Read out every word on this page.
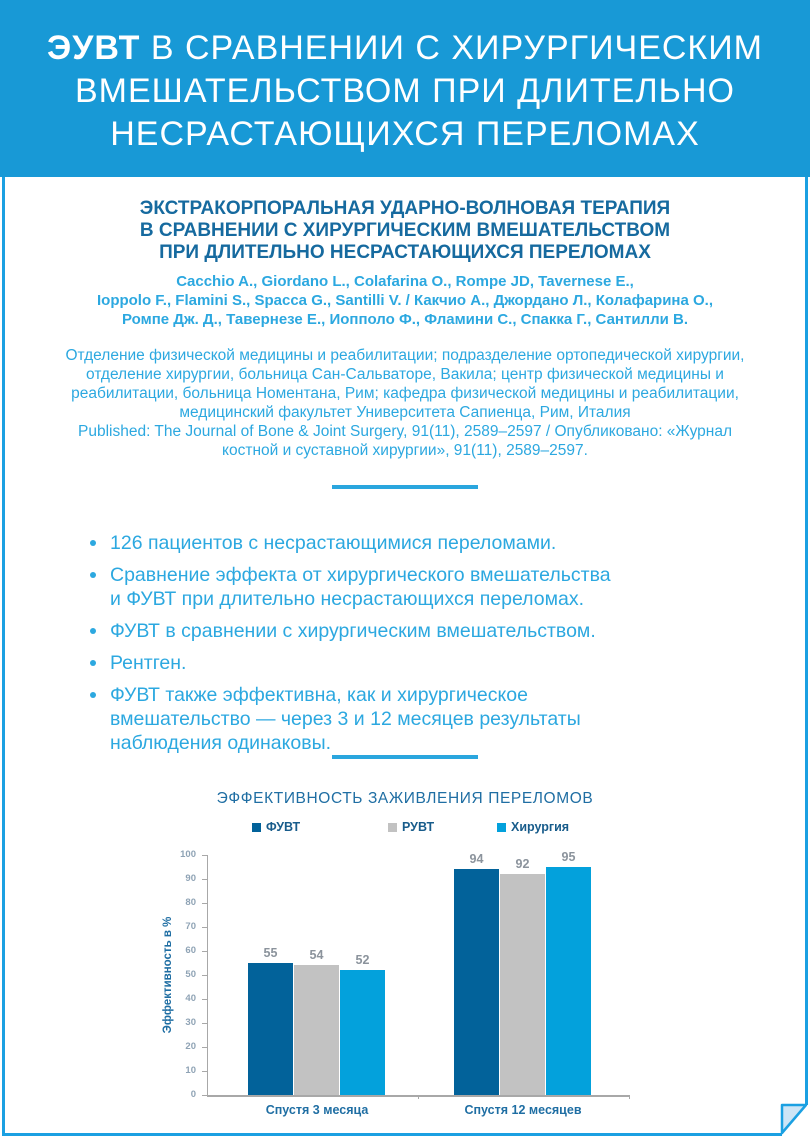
ЭУВТ В СРАВНЕНИИ С ХИРУРГИЧЕСКИМ
ВМЕШАТЕЛЬСТВОМ ПРИ ДЛИТЕЛЬНО
НЕСРАСТАЮЩИХСЯ ПЕРЕЛОМАХ
ЭКСТРАКОРПОРАЛЬНАЯ УДАРНО-ВОЛНОВАЯ ТЕРАПИЯ
В СРАВНЕНИИ С ХИРУРГИЧЕСКИМ ВМЕШАТЕЛЬСТВОМ
ПРИ ДЛИТЕЛЬНО НЕСРАСТАЮЩИХСЯ ПЕРЕЛОМАХ
Cacchio A., Giordano L., Colafarina O., Rompe JD, Tavernese E.,
Ioppolo F., Flamini S., Spacca G., Santilli V. / Какчио А., Джордано Л., Колафарина О.,
Ромпе Дж. Д., Тавернезе Е., Иопполо Ф., Фламини С., Спакка Г., Сантилли В.
Отделение физической медицины и реабилитации; подразделение ортопедической хирургии,
отделение хирургии, больница Сан-Сальваторе, Вакила; центр физической медицины и
реабилитации, больница Номентана, Рим; кафедра физической медицины и реабилитации,
медицинский факультет Университета Сапиенца, Рим, Италия
Published: The Journal of Bone & Joint Surgery, 91(11), 2589–2597 / Опубликовано: «Журнал
костной и суставной хирургии», 91(11), 2589–2597.
126 пациентов с несрастающимися переломами.
Сравнение эффекта от хирургического вмешательства
и ФУВТ при длительно несрастающихся переломах.
ФУВТ в сравнении с хирургическим вмешательством.
Рентген.
ФУВТ также эффективна, как и хирургическое
вмешательство — через 3 и 12 месяцев результаты
наблюдения одинаковы.
ЭФФЕКТИВНОСТЬ ЗАЖИВЛЕНИЯ ПЕРЕЛОМОВ
ФУВТ	РУВТ	Хирургия
0
10
20
30
40
50
60
70
80
90
100
Эффективность в %	55	54	52
Спустя 3 месяца
94	92
95
Спустя 12 месяцев
